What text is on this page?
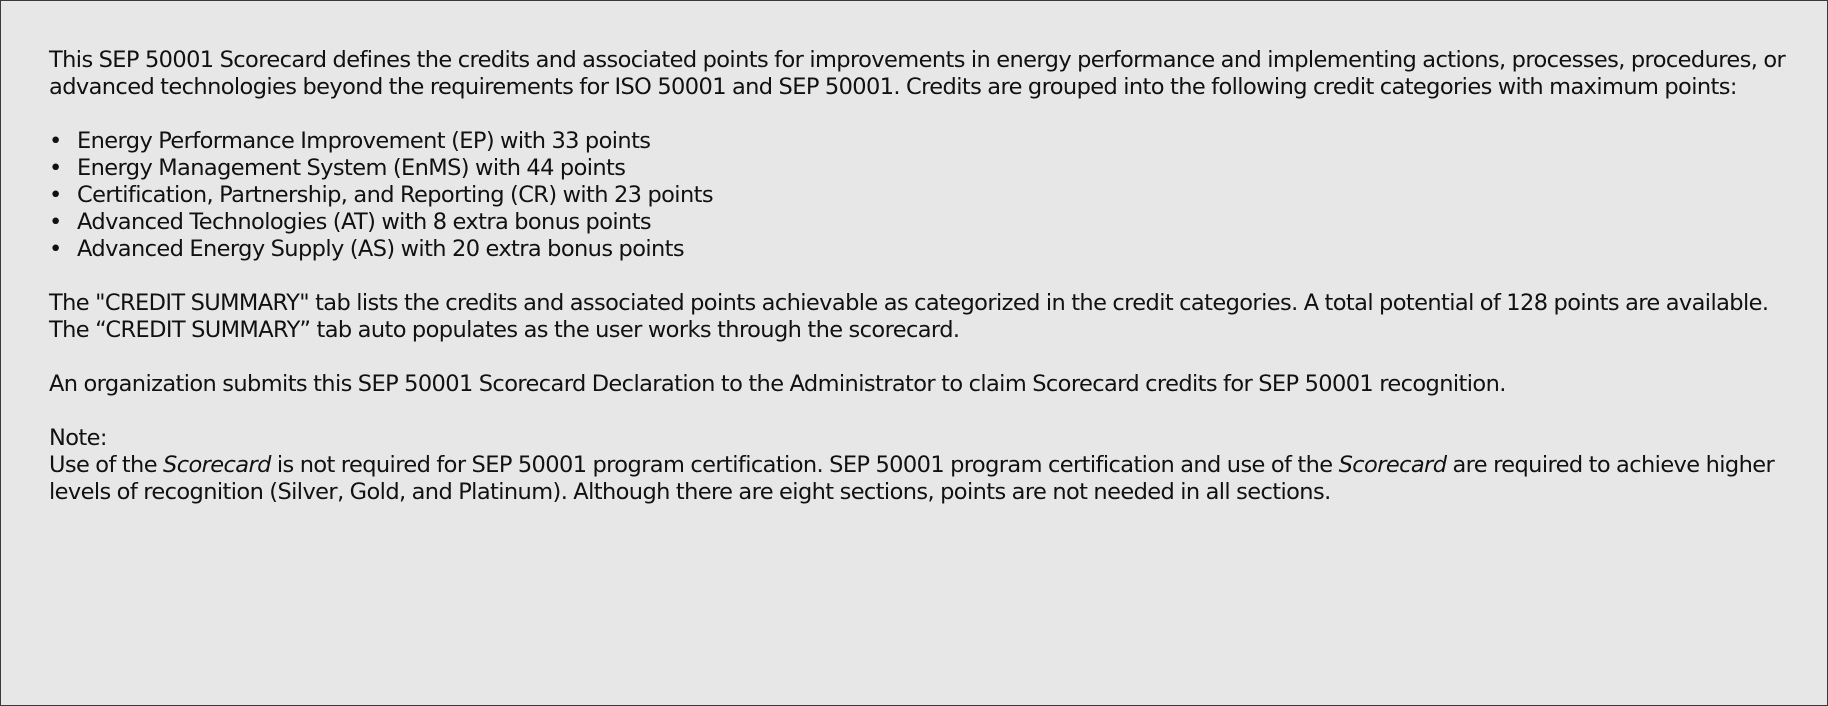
This SEP 50001 Scorecard defines the credits and associated points for improvements in energy performance and implementing actions, processes, procedures, or advanced technologies beyond the requirements for ISO 50001 and SEP 50001. Credits are grouped into the following credit categories with maximum points:

• Energy Performance Improvement (EP) with 33 points
• Energy Management System (EnMS) with 44 points
• Certification, Partnership, and Reporting (CR) with 23 points
• Advanced Technologies (AT) with 8 extra bonus points
• Advanced Energy Supply (AS) with 20 extra bonus points

The "CREDIT SUMMARY" tab lists the credits and associated points achievable as categorized in the credit categories. A total potential of 128 points are available. The “CREDIT SUMMARY” tab auto populates as the user works through the scorecard.

An organization submits this SEP 50001 Scorecard Declaration to the Administrator to claim Scorecard credits for SEP 50001 recognition.

Note:

Use of the Scorecard is not required for SEP 50001 program certification. SEP 50001 program certification and use of the Scorecard are required to achieve higher levels of recognition (Silver, Gold, and Platinum). Although there are eight sections, points are not needed in all sections.
